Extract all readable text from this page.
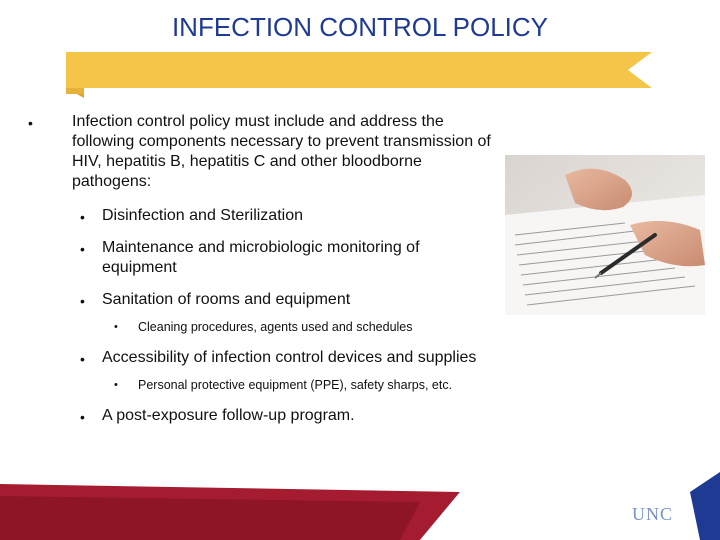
INFECTION CONTROL POLICY
• Infection control policy must include and address the following components necessary to prevent transmission of HIV, hepatitis B, hepatitis C and other bloodborne pathogens:
• Disinfection and Sterilization
• Maintenance and microbiologic monitoring of equipment
• Sanitation of rooms and equipment
• Cleaning procedures, agents used and schedules
• Accessibility of infection control devices and supplies
• Personal protective equipment (PPE), safety sharps, etc.
• A post-exposure follow-up program.
UNC
